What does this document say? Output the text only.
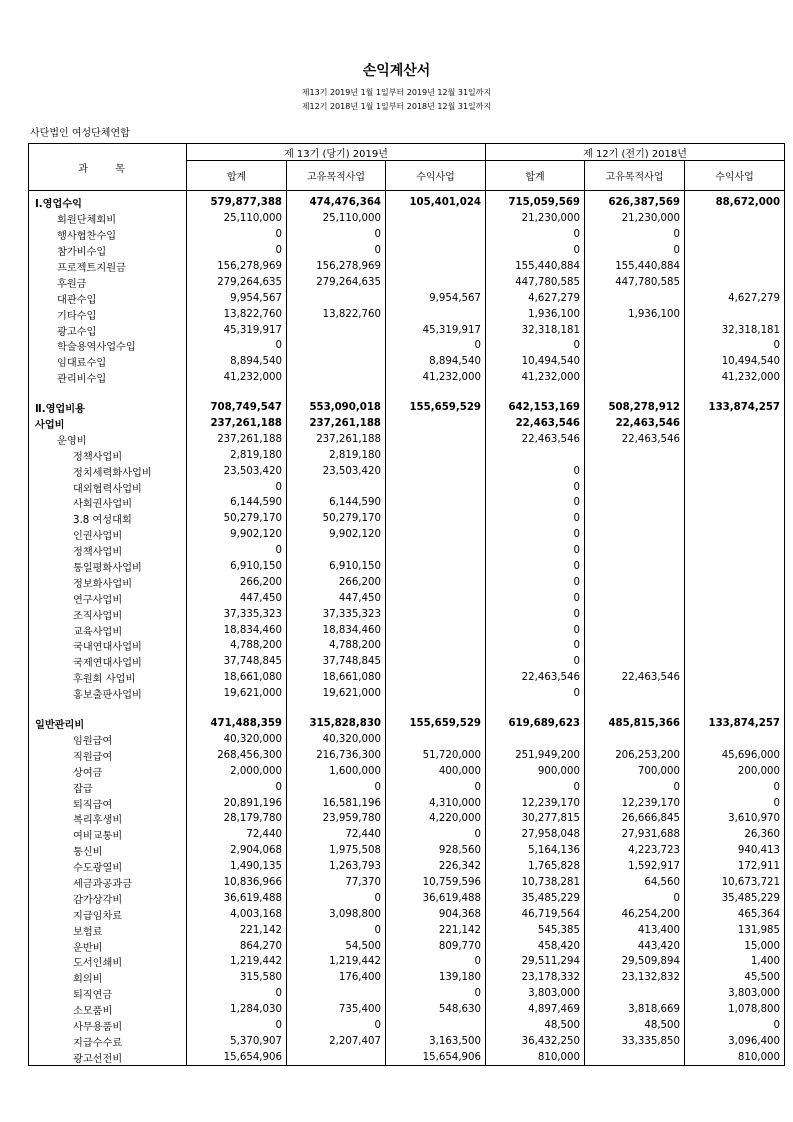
손익계산서
제13기 2019년 1월 1일부터 2019년 12월 31일까지
제12기 2018년 1월 1일부터 2018년 12월 31일까지
사단법인 여성단체연합
과 목	제 13기 (당기) 2019년			제 12기 (전기) 2018년		
	합계	고유목적사업	수익사업	합계	고유목적사업	수익사업
Ⅰ.영업수익	579,877,388	474,476,364	105,401,024	715,059,569	626,387,569	88,672,000
회원단체회비	25,110,000	25,110,000		21,230,000	21,230,000	
행사협찬수입	0	0		0	0	
참가비수입	0	0		0	0	
프로젝트지원금	156,278,969	156,278,969		155,440,884	155,440,884	
후원금	279,264,635	279,264,635		447,780,585	447,780,585	
대관수입	9,954,567		9,954,567	4,627,279		4,627,279
기타수입	13,822,760	13,822,760		1,936,100	1,936,100	
광고수입	45,319,917		45,319,917	32,318,181		32,318,181
학술용역사업수입	0		0	0		0
임대료수입	8,894,540		8,894,540	10,494,540		10,494,540
관리비수입	41,232,000		41,232,000	41,232,000		41,232,000

Ⅱ.영업비용	708,749,547	553,090,018	155,659,529	642,153,169	508,278,912	133,874,257
사업비	237,261,188	237,261,188		22,463,546	22,463,546	
운영비	237,261,188	237,261,188		22,463,546	22,463,546	
정책사업비	2,819,180	2,819,180				
정치세력화사업비	23,503,420	23,503,420		0		
대외협력사업비	0			0		
사회권사업비	6,144,590	6,144,590		0		
3.8 여성대회	50,279,170	50,279,170		0		
인권사업비	9,902,120	9,902,120		0		
정책사업비	0			0		
통일평화사업비	6,910,150	6,910,150		0		
정보화사업비	266,200	266,200		0		
연구사업비	447,450	447,450		0		
조직사업비	37,335,323	37,335,323		0		
교육사업비	18,834,460	18,834,460		0		
국내연대사업비	4,788,200	4,788,200		0		
국제연대사업비	37,748,845	37,748,845		0		
후원회 사업비	18,661,080	18,661,080		22,463,546	22,463,546	
홍보출판사업비	19,621,000	19,621,000		0		

일반관리비	471,488,359	315,828,830	155,659,529	619,689,623	485,815,366	133,874,257
임원급여	40,320,000	40,320,000				
직원급여	268,456,300	216,736,300	51,720,000	251,949,200	206,253,200	45,696,000
상여금	2,000,000	1,600,000	400,000	900,000	700,000	200,000
잡급	0	0	0	0	0	0
퇴직급여	20,891,196	16,581,196	4,310,000	12,239,170	12,239,170	0
복리후생비	28,179,780	23,959,780	4,220,000	30,277,815	26,666,845	3,610,970
여비교통비	72,440	72,440	0	27,958,048	27,931,688	26,360
통신비	2,904,068	1,975,508	928,560	5,164,136	4,223,723	940,413
수도광열비	1,490,135	1,263,793	226,342	1,765,828	1,592,917	172,911
세금과공과금	10,836,966	77,370	10,759,596	10,738,281	64,560	10,673,721
감가상각비	36,619,488	0	36,619,488	35,485,229	0	35,485,229
지급임차료	4,003,168	3,098,800	904,368	46,719,564	46,254,200	465,364
보험료	221,142	0	221,142	545,385	413,400	131,985
운반비	864,270	54,500	809,770	458,420	443,420	15,000
도서인쇄비	1,219,442	1,219,442	0	29,511,294	29,509,894	1,400
회의비	315,580	176,400	139,180	23,178,332	23,132,832	45,500
퇴직연금	0		0	3,803,000		3,803,000
소모품비	1,284,030	735,400	548,630	4,897,469	3,818,669	1,078,800
사무용품비	0	0		48,500	48,500	0
지급수수료	5,370,907	2,207,407	3,163,500	36,432,250	33,335,850	3,096,400
광고선전비	15,654,906		15,654,906	810,000		810,000
